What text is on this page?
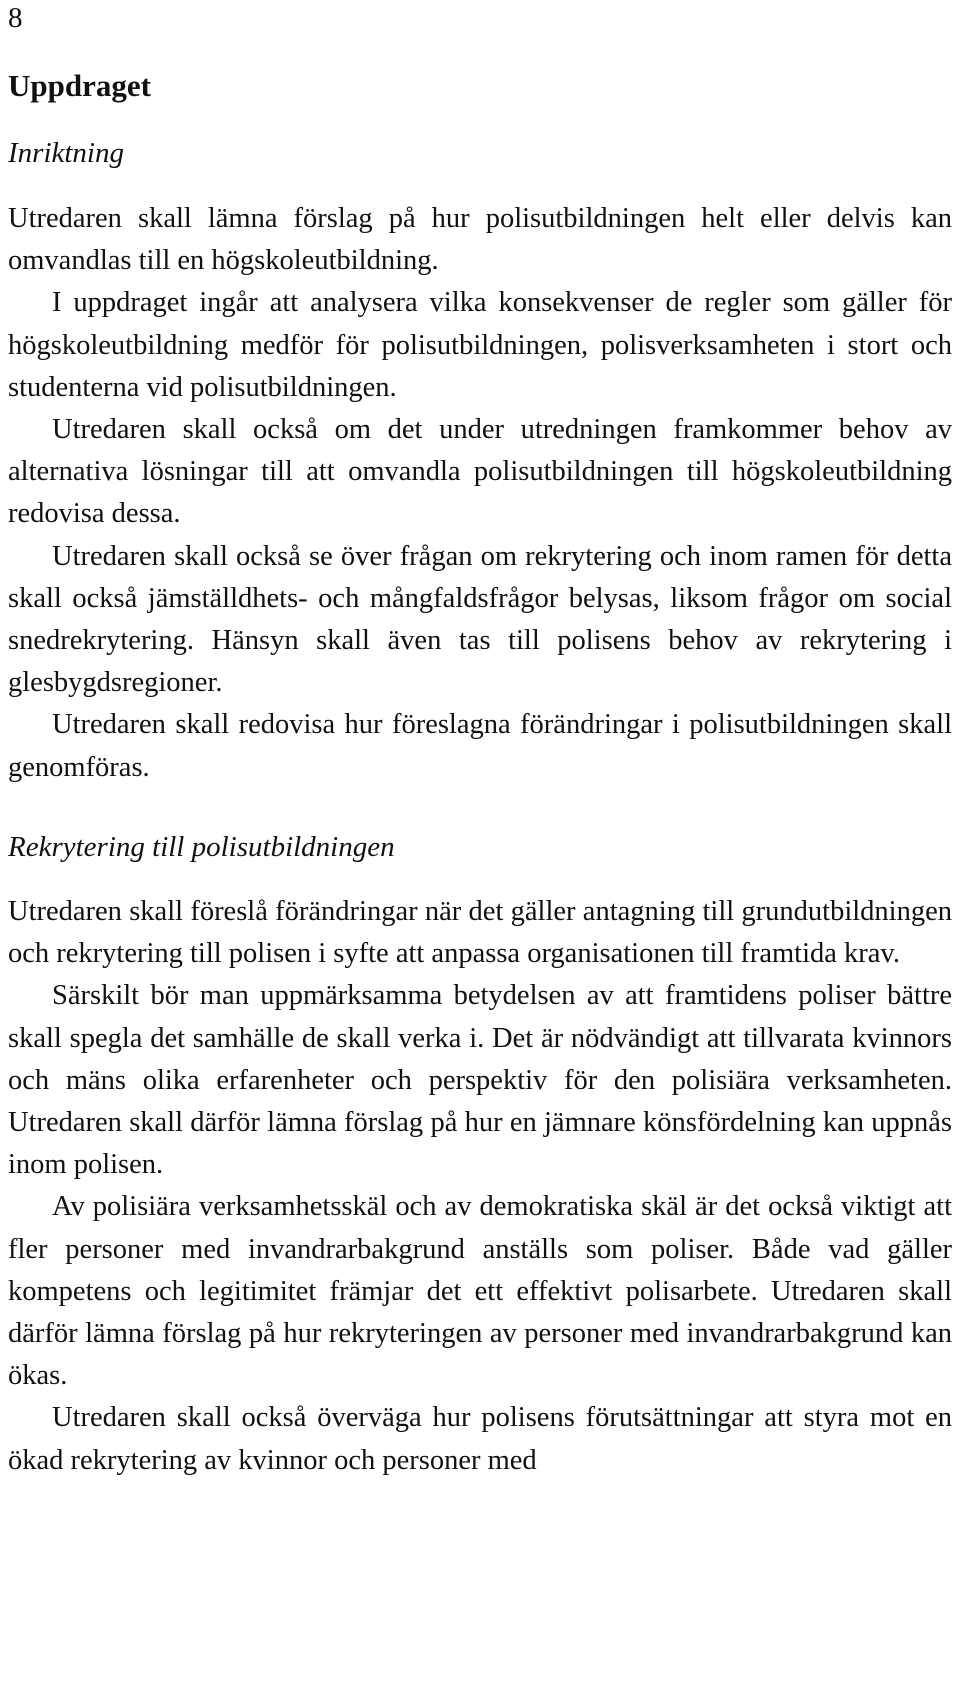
8
Uppdraget
Inriktning

Utredaren skall lämna förslag på hur polisutbildningen helt eller delvis kan omvandlas till en högskoleutbildning.

I uppdraget ingår att analysera vilka konsekvenser de regler som gäller för högskoleutbildning medför för polisutbildningen, polisverksamheten i stort och studenterna vid polisutbildningen.

Utredaren skall också om det under utredningen framkommer behov av alternativa lösningar till att omvandla polisutbildningen till högskoleutbildning redovisa dessa.

Utredaren skall också se över frågan om rekrytering och inom ramen för detta skall också jämställdhets- och mångfaldsfrågor belysas, liksom frågor om social snedrekrytering. Hänsyn skall även tas till polisens behov av rekrytering i glesbygdsregioner.

Utredaren skall redovisa hur föreslagna förändringar i polisutbildningen skall genomföras.

Rekrytering till polisutbildningen

Utredaren skall föreslå förändringar när det gäller antagning till grundutbildningen och rekrytering till polisen i syfte att anpassa organisationen till framtida krav.

Särskilt bör man uppmärksamma betydelsen av att framtidens poliser bättre skall spegla det samhälle de skall verka i. Det är nödvändigt att tillvarata kvinnors och mäns olika erfarenheter och perspektiv för den polisiära verksamheten. Utredaren skall därför lämna förslag på hur en jämnare könsfördelning kan uppnås inom polisen.

Av polisiära verksamhetsskäl och av demokratiska skäl är det också viktigt att fler personer med invandrarbakgrund anställs som poliser. Både vad gäller kompetens och legitimitet främjar det ett effektivt polisarbete. Utredaren skall därför lämna förslag på hur rekryteringen av personer med invandrarbakgrund kan ökas.

Utredaren skall också överväga hur polisens förutsättningar att styra mot en ökad rekrytering av kvinnor och personer med
